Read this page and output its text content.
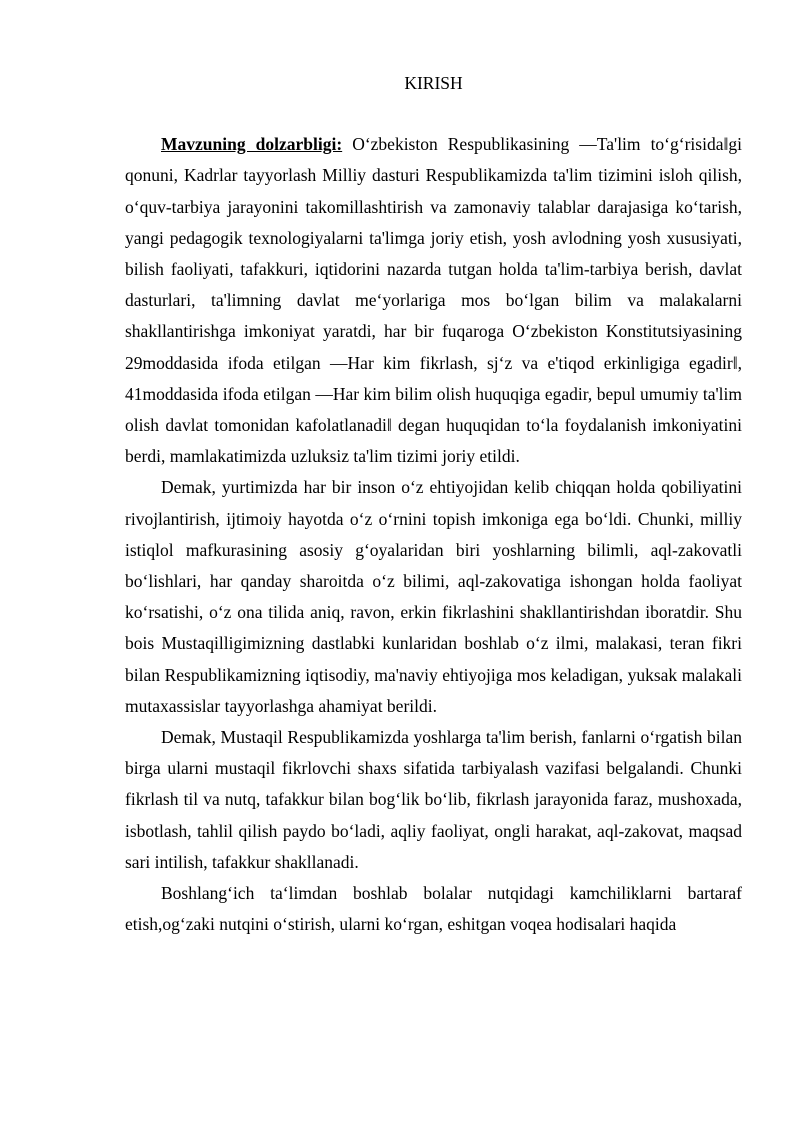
KIRISH

Mavzuning dolzarbligi: O‘zbekiston Respublikasining ―Ta'lim to‘g‘risida‖gi qonuni, Kadrlar tayyorlash Milliy dasturi Respublikamizda ta'lim tizimini isloh qilish, o‘quv-tarbiya jarayonini takomillashtirish va zamonaviy talablar darajasiga ko‘tarish, yangi pedagogik texnologiyalarni ta'limga joriy etish, yosh avlodning yosh xususiyati, bilish faoliyati, tafakkuri, iqtidorini nazarda tutgan holda ta'lim-tarbiya berish, davlat dasturlari, ta'limning davlat me‘yorlariga mos bo‘lgan bilim va malakalarni shakllantirishga imkoniyat yaratdi, har bir fuqaroga O‘zbekiston Konstitutsiyasining 29moddasida ifoda etilgan ―Har kim fikrlash, sj‘z va e'tiqod erkinligiga egadir‖, 41moddasida ifoda etilgan ―Har kim bilim olish huquqiga egadir, bepul umumiy ta'lim olish davlat tomonidan kafolatlanadi‖ degan huquqidan to‘la foydalanish imkoniyatini berdi, mamlakatimizda uzluksiz ta'lim tizimi joriy etildi.

Demak, yurtimizda har bir inson o‘z ehtiyojidan kelib chiqqan holda qobiliyatini rivojlantirish, ijtimoiy hayotda o‘z o‘rnini topish imkoniga ega bo‘ldi. Chunki, milliy istiqlol mafkurasining asosiy g‘oyalaridan biri yoshlarning bilimli, aql-zakovatli bo‘lishlari, har qanday sharoitda o‘z bilimi, aql-zakovatiga ishongan holda faoliyat ko‘rsatishi, o‘z ona tilida aniq, ravon, erkin fikrlashini shakllantirishdan iboratdir. Shu bois Mustaqilligimizning dastlabki kunlaridan boshlab o‘z ilmi, malakasi, teran fikri bilan Respublikamizning iqtisodiy, ma'naviy ehtiyojiga mos keladigan, yuksak malakali mutaxassislar tayyorlashga ahamiyat berildi.

Demak, Mustaqil Respublikamizda yoshlarga ta'lim berish, fanlarni o‘rgatish bilan birga ularni mustaqil fikrlovchi shaxs sifatida tarbiyalash vazifasi belgalandi. Chunki fikrlash til va nutq, tafakkur bilan bog‘lik bo‘lib, fikrlash jarayonida faraz, mushoxada, isbotlash, tahlil qilish paydo bo‘ladi, aqliy faoliyat, ongli harakat, aql-zakovat, maqsad sari intilish, tafakkur shakllanadi.

Boshlang‘ich ta‘limdan boshlab bolalar nutqidagi kamchiliklarni bartaraf etish,og‘zaki nutqini o‘stirish, ularni ko‘rgan, eshitgan voqea hodisalari haqida
